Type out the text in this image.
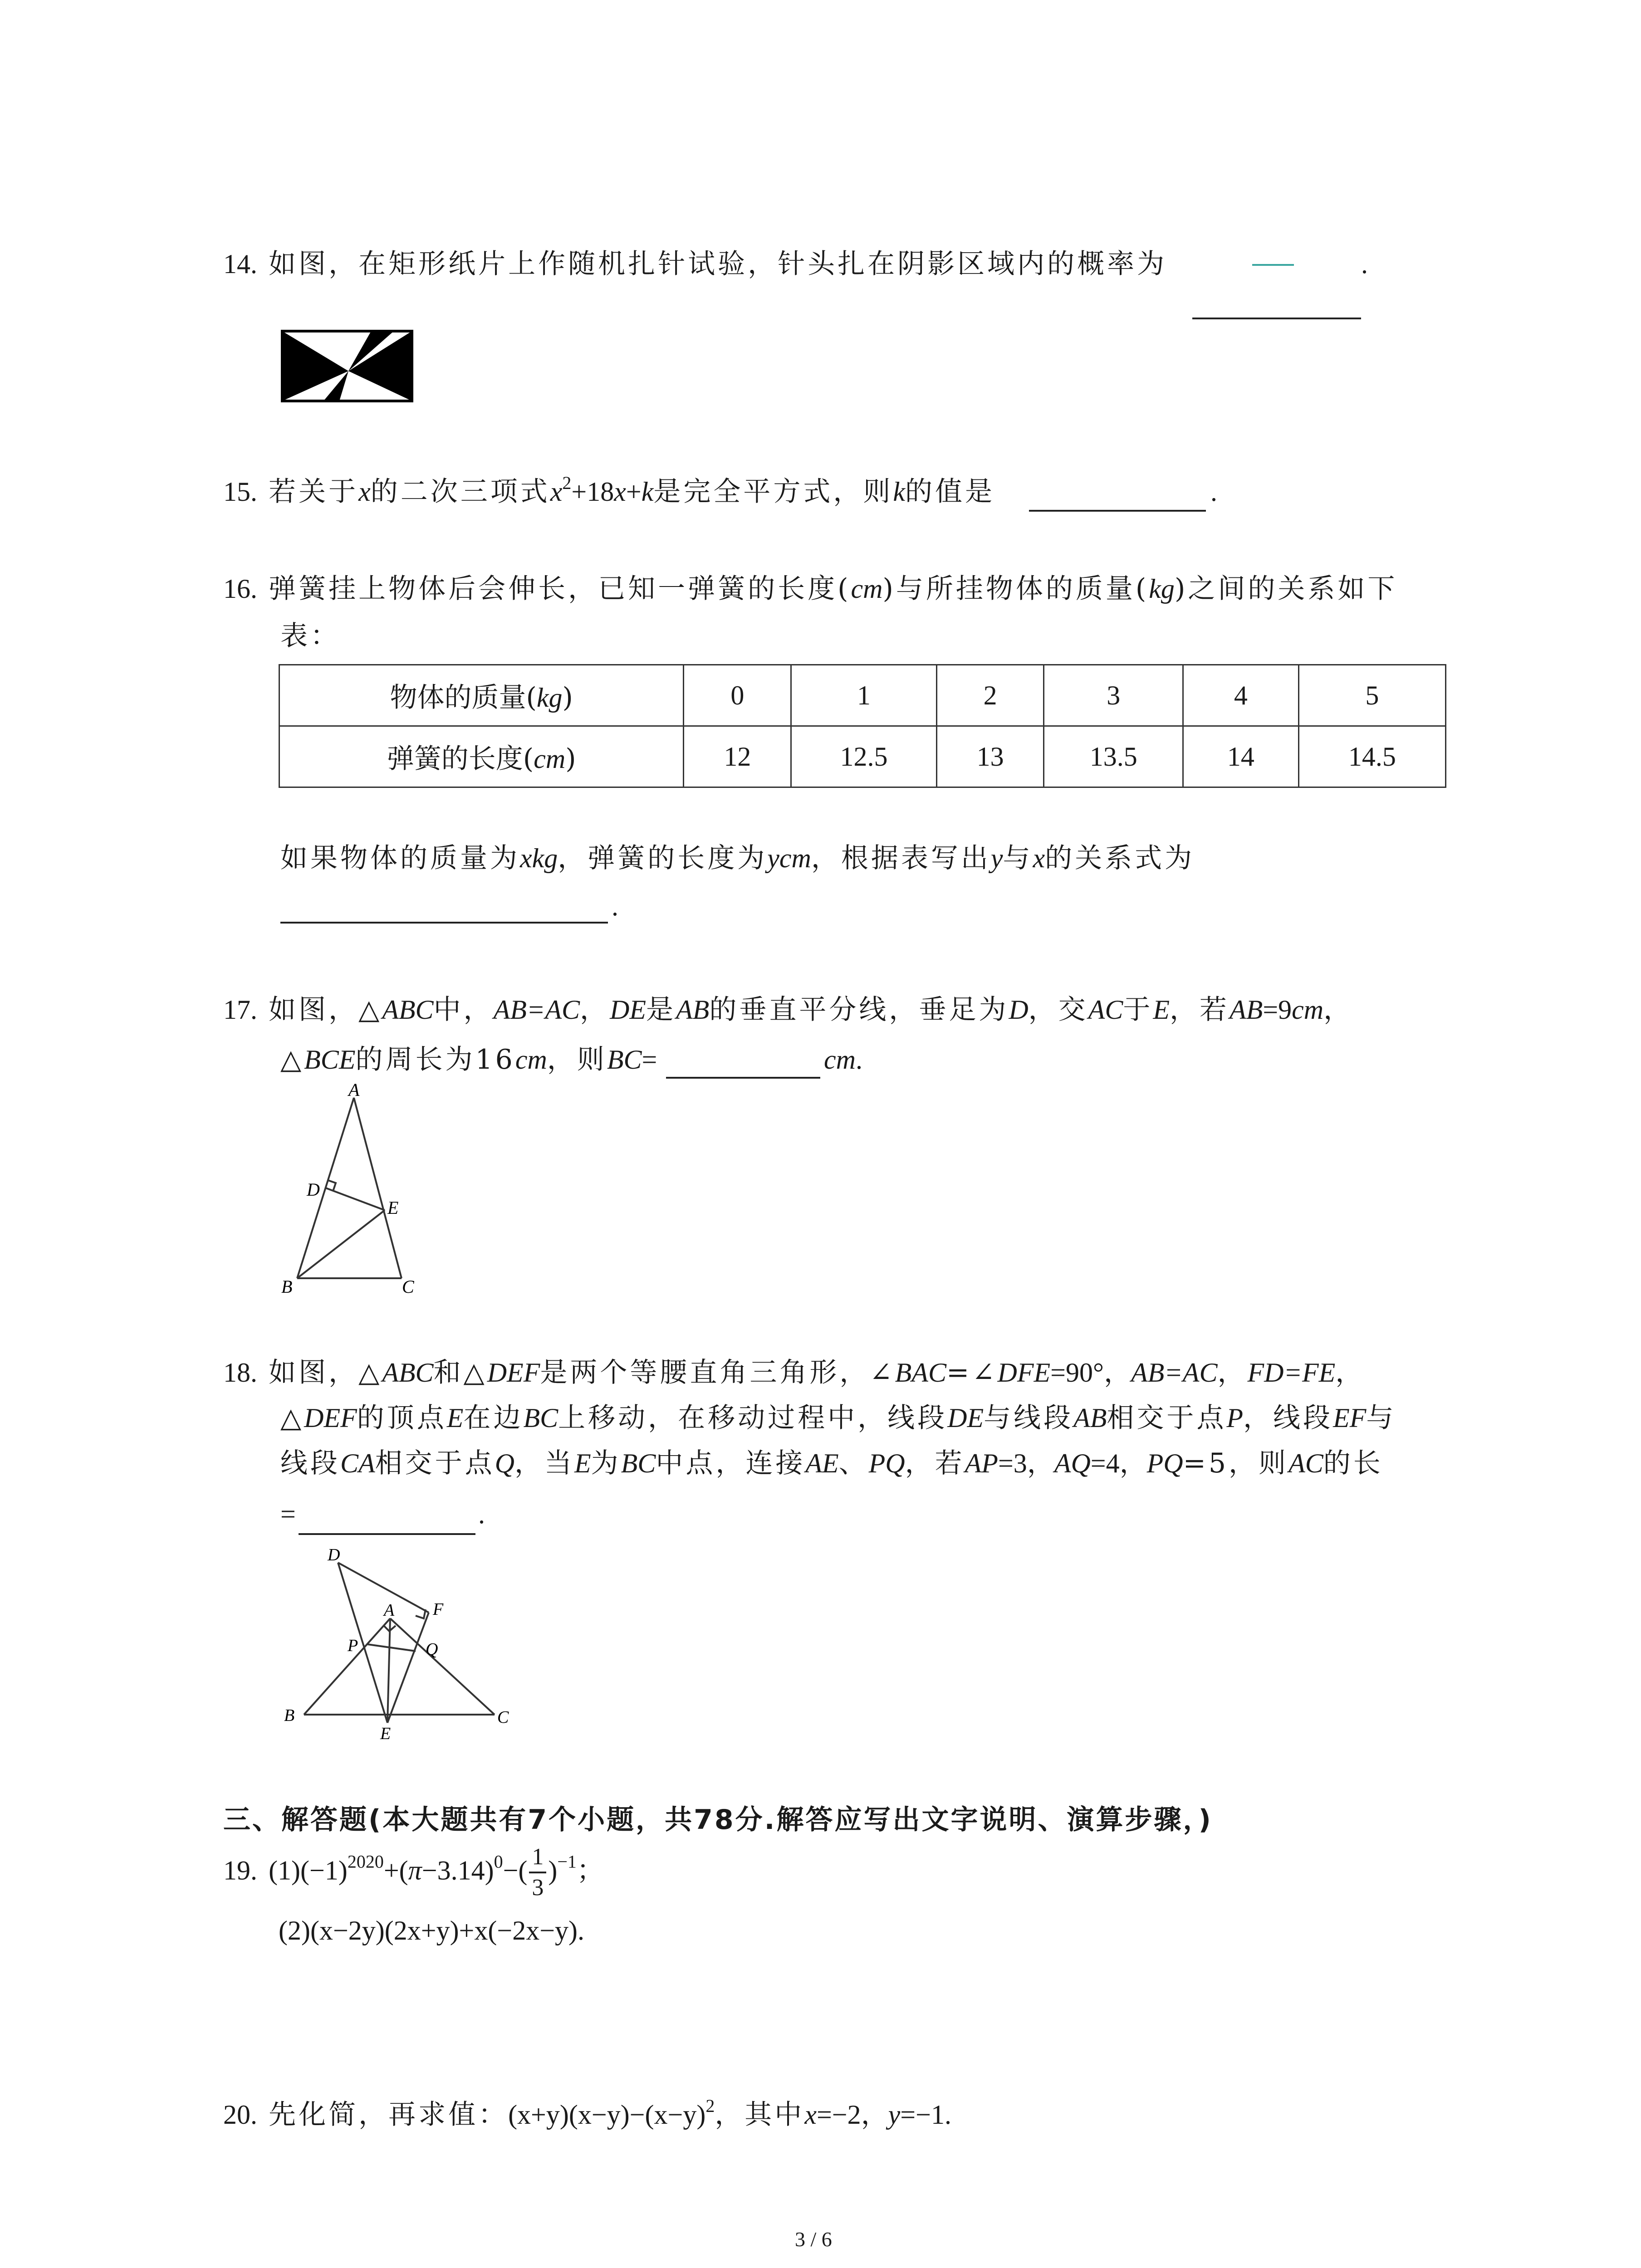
14. 如图，在矩形纸片上作随机扎针试验，针头扎在阴影区域内的概率为	.
15. 若关于x的二次三项式$x^2+18x+k$是完全平方式，则k的值是	.
16. 弹簧挂上物体后会伸长，已知一弹簧的长度(cm)与所挂物体的质量(kg)之间的关系如下
表：
物体的质量(kg)	0	1	2	3	4	5
弹簧的长度(cm)	12	12.5	13	13.5	14	14.5
如果物体的质量为xkg，弹簧的长度为ycm，根据表写出y与x的关系式为
.
17. 如图，△ABC中，AB=AC，DE是AB的垂直平分线，垂足为D，交AC于E，若AB=9cm，
△BCE的周长为16cm，则BC=	cm.
A
D
E
B	C
18. 如图，△ABC和△DEF是两个等腰直角三角形，∠BAC=∠DFE=90°，AB=AC，FD=FE，
△DEF的顶点E在边BC上移动，在移动过程中，线段DE与线段AB相交于点P，线段EF与
线段CA相交于点Q，当E为BC中点，连接AE、PQ，若AP=3，AQ=4，PQ=5，则AC的长
=	.
D
A F
P	Q
B
E
C
三、解答题(本大题共有7个小题，共78分.解答应写出文字说明、演算步骤，)
19. $(1)(-1)^{2020}+(\pi-3.14)^0-( \frac{1}{3} )^{-1}$；
(2)(x−2y)(2x+y)+x(−2x−y).
20. 先化简，再求值：$(x+y)(x-y)-(x-y)^2$，其中x=−2，y=−1.
3 / 6
